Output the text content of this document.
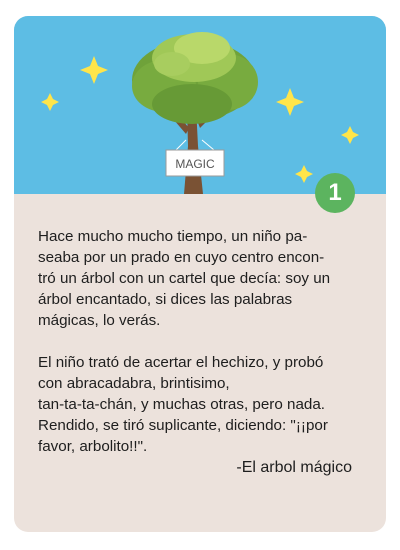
MAGIC
1

Hace mucho mucho tiempo, un niño pa-
seaba por un prado en cuyo centro encon-
tró un árbol con un cartel que decía: soy un
árbol encantado, si dices las palabras
mágicas, lo verás.

El niño trató de acertar el hechizo, y probó
con abracadabra, brintisimo,
tan-ta-ta-chán, y muchas otras, pero nada.
Rendido, se tiró suplicante, diciendo: "¡¡por
favor, arbolito!!".

-El arbol mágico
